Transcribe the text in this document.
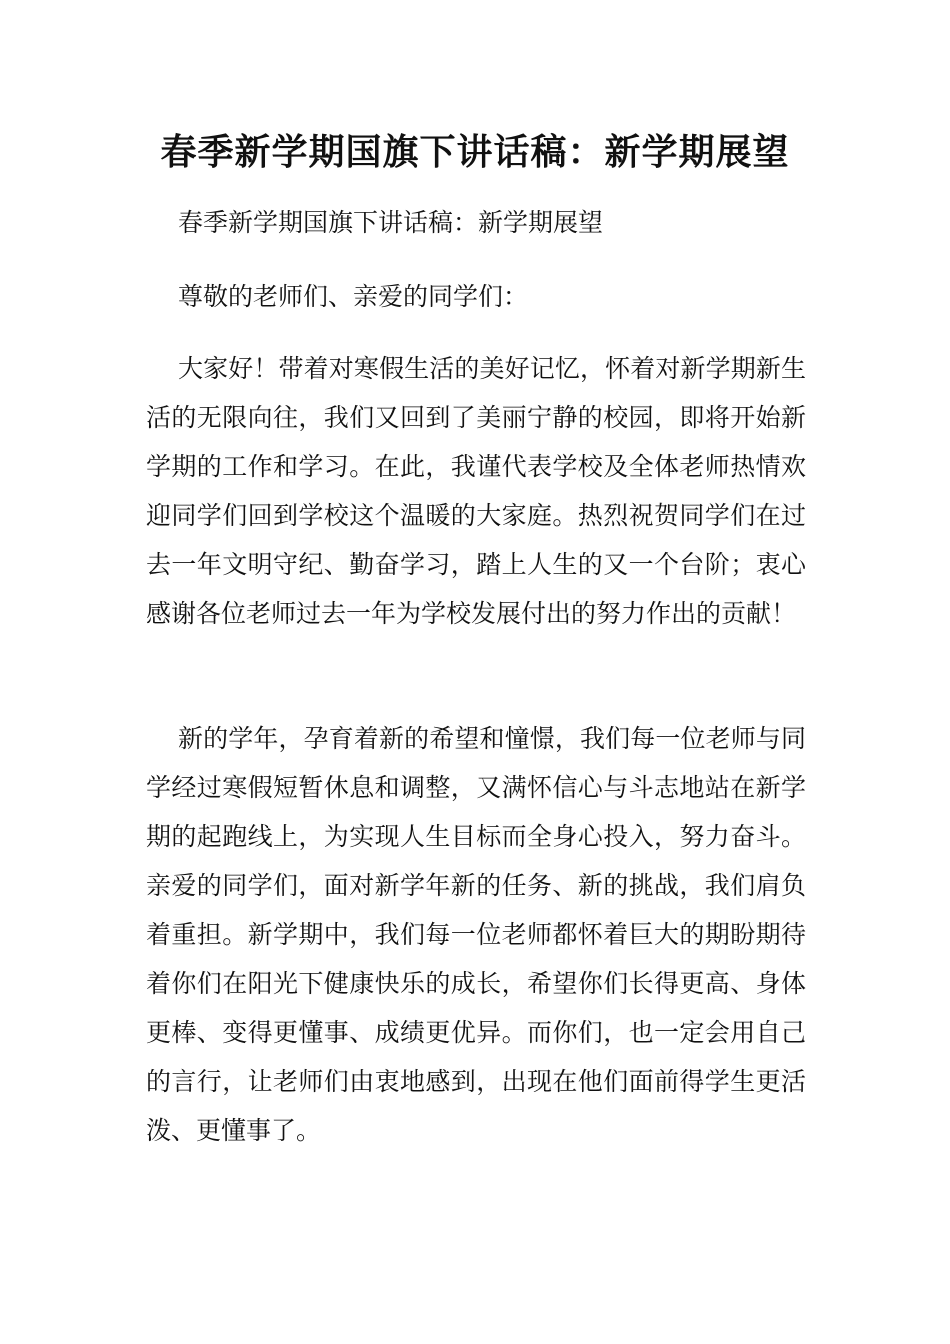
春季新学期国旗下讲话稿：新学期展望

春季新学期国旗下讲话稿：新学期展望

尊敬的老师们、亲爱的同学们：

大家好！带着对寒假生活的美好记忆，怀着对新学期新生活的无限向往，我们又回到了美丽宁静的校园，即将开始新学期的工作和学习。在此，我谨代表学校及全体老师热情欢迎同学们回到学校这个温暖的大家庭。热烈祝贺同学们在过去一年文明守纪、勤奋学习，踏上人生的又一个台阶；衷心感谢各位老师过去一年为学校发展付出的努力作出的贡献！

新的学年，孕育着新的希望和憧憬，我们每一位老师与同学经过寒假短暂休息和调整，又满怀信心与斗志地站在新学期的起跑线上，为实现人生目标而全身心投入，努力奋斗。亲爱的同学们，面对新学年新的任务、新的挑战，我们肩负着重担。新学期中，我们每一位老师都怀着巨大的期盼期待着你们在阳光下健康快乐的成长，希望你们长得更高、身体更棒、变得更懂事、成绩更优异。而你们，也一定会用自己的言行，让老师们由衷地感到，出现在他们面前得学生更活泼、更懂事了。
